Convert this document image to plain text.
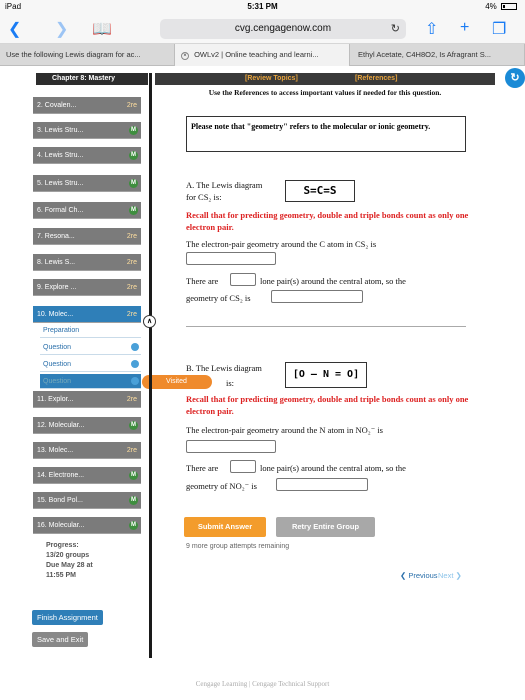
iPad	5:31 PM	4%
❮ ❯ 📖	cvg.cengagenow.com	↻ ⇧ + ❐
Use the following Lewis diagram for ac...	× OWLv2 | Online teaching and learni...	Ethyl Acetate, C4H8O2, Is Afragrant S...
↻
Chapter 8: Mastery
2. Covalen...	2re
3. Lewis Stru...	M
4. Lewis Stru...	M
5. Lewis Stru...	M
6. Formal Ch...	M
7. Resona...	2re
8. Lewis S...	2re
9. Explore ...	2re
10. Molec...	2re
Preparation
Question
Question
Question
11. Explor...	2re
12. Molecular...	M
13. Molec...	2re
14. Electrone...	M
15. Bond Pol...	M
16. Molecular...	M
Visited
Progress:
13/20 groups
Due May 28 at
11:55 PM
Finish Assignment
Save and Exit
∧
[Review Topics]	[References]
Use the References to access important values if needed for this question.
Please note that "geometry" refers to the molecular or ionic geometry.
A. The Lewis diagram
for CS₂ is:	S=C=S
Recall that for predicting geometry, double and triple bonds count as only one electron pair.
The electron-pair geometry around the C atom in CS₂ is
There are	lone pair(s) around the central atom, so the
geometry of CS₂ is
B. The Lewis diagram
is:
[O — N = O]
Recall that for predicting geometry, double and triple bonds count as only one electron pair.
The electron-pair geometry around the N atom in NO₂⁻ is
There are	lone pair(s) around the central atom, so the
geometry of NO₂⁻ is
Submit Answer	Retry Entire Group
9 more group attempts remaining
❮ Previous Next ❯
Cengage Learning | Cengage Technical Support
